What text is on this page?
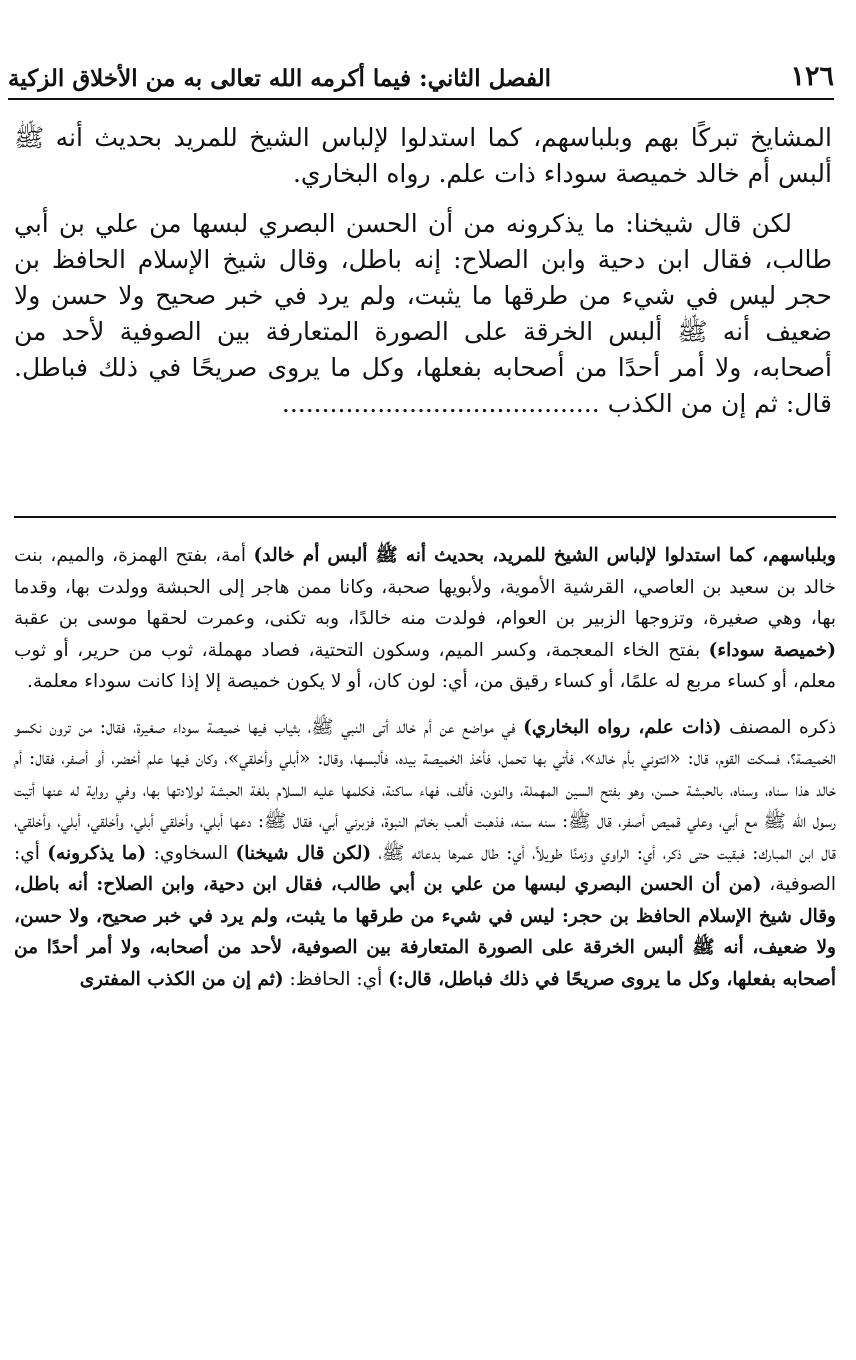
١٢٦
الفصل الثاني: فيما أكرمه الله تعالى به من الأخلاق الزكية

المشايخ تبركًا بهم وبلباسهم، كما استدلوا لإلباس الشيخ للمريد بحديث أنه ﷺ ألبس أم خالد خميصة سوداء ذات علم. رواه البخاري.

لكن قال شيخنا: ما يذكرونه من أن الحسن البصري لبسها من علي بن أبي طالب، فقال ابن دحية وابن الصلاح: إنه باطل، وقال شيخ الإسلام الحافظ بن حجر ليس في شيء من طرقها ما يثبت، ولم يرد في خبر صحيح ولا حسن ولا ضعيف أنه ﷺ ألبس الخرقة على الصورة المتعارفة بين الصوفية لأحد من أصحابه، ولا أمر أحدًا من أصحابه بفعلها، وكل ما يروى صريحًا في ذلك فباطل. قال: ثم إن من الكذب ........................................

وبلباسهم، كما استدلوا لإلباس الشيخ للمريد، بحديث أنه ﷺ ألبس أم خالد) أمة، بفتح الهمزة، والميم، بنت خالد بن سعيد بن العاصي، القرشية الأموية، ولأبويها صحبة، وكانا ممن هاجر إلى الحبشة وولدت بها، وقدما بها، وهي صغيرة، وتزوجها الزبير بن العوام، فولدت منه خالدًا، وبه تكنى، وعمرت لحقها موسى بن عقبة (خميصة سوداء) بفتح الخاء المعجمة، وكسر الميم، وسكون التحتية، فصاد مهملة، ثوب من حرير، أو ثوب معلم، أو كساء مربع له علمًا، أو كساء رقيق من، أي: لون كان، أو لا يكون خميصة إلا إذا كانت سوداء معلمة.

ذكره المصنف (ذات علم، رواه البخاري) في مواضع عن أم خالد أتى النبي ﷺ، بثياب فيها خميصة سوداء صغيرة، فقال: من ترون نكسو الخميصة؟، فسكت القوم، قال: «ائتوني بأم خالد»، فأتي بها تحمل، فأخذ الخميصة بيده، فألبسها، وقال: «أبلي وأخلقي»، وكان فيها علم أخضر، أو أصفر، فقال: أم خالد هذا سناه، وسناه، بالحبشة حسن، وهو بفتح السين المهملة، والنون، فألف، فهاء ساكنة، فكلمها عليه السلام بلغة الحبشة لولادتها بها، وفي رواية له عنها أتيت رسول الله ﷺ مع أبي، وعلي قميص أصفر، قال ﷺ: سنه سنه، فذهبت ألعب بخاتم النبوة، فزبرني أبي، فقال ﷺ: دعها أبلي، وأخلقي أبلي، وأخلقي، أبلي، وأخلقي، قال ابن المبارك: فبقيت حتى ذكر، أي: الراوي وزمنًا طويلاً، أي: طال عمرها بدعائه ﷺ، (لكن قال شيخنا) السخاوي: (ما يذكرونه) أي: الصوفية، (من أن الحسن البصري لبسها من علي بن أبي طالب، فقال ابن دحية، وابن الصلاح: أنه باطل، وقال شيخ الإسلام الحافظ بن حجر: ليس في شيء من طرقها ما يثبت، ولم يرد في خبر صحيح، ولا حسن، ولا ضعيف، أنه ﷺ ألبس الخرقة على الصورة المتعارفة بين الصوفية، لأحد من أصحابه، ولا أمر أحدًا من أصحابه بفعلها، وكل ما يروى صريحًا في ذلك فباطل، قال:) أي: الحافظ: (ثم إن من الكذب المفترى
